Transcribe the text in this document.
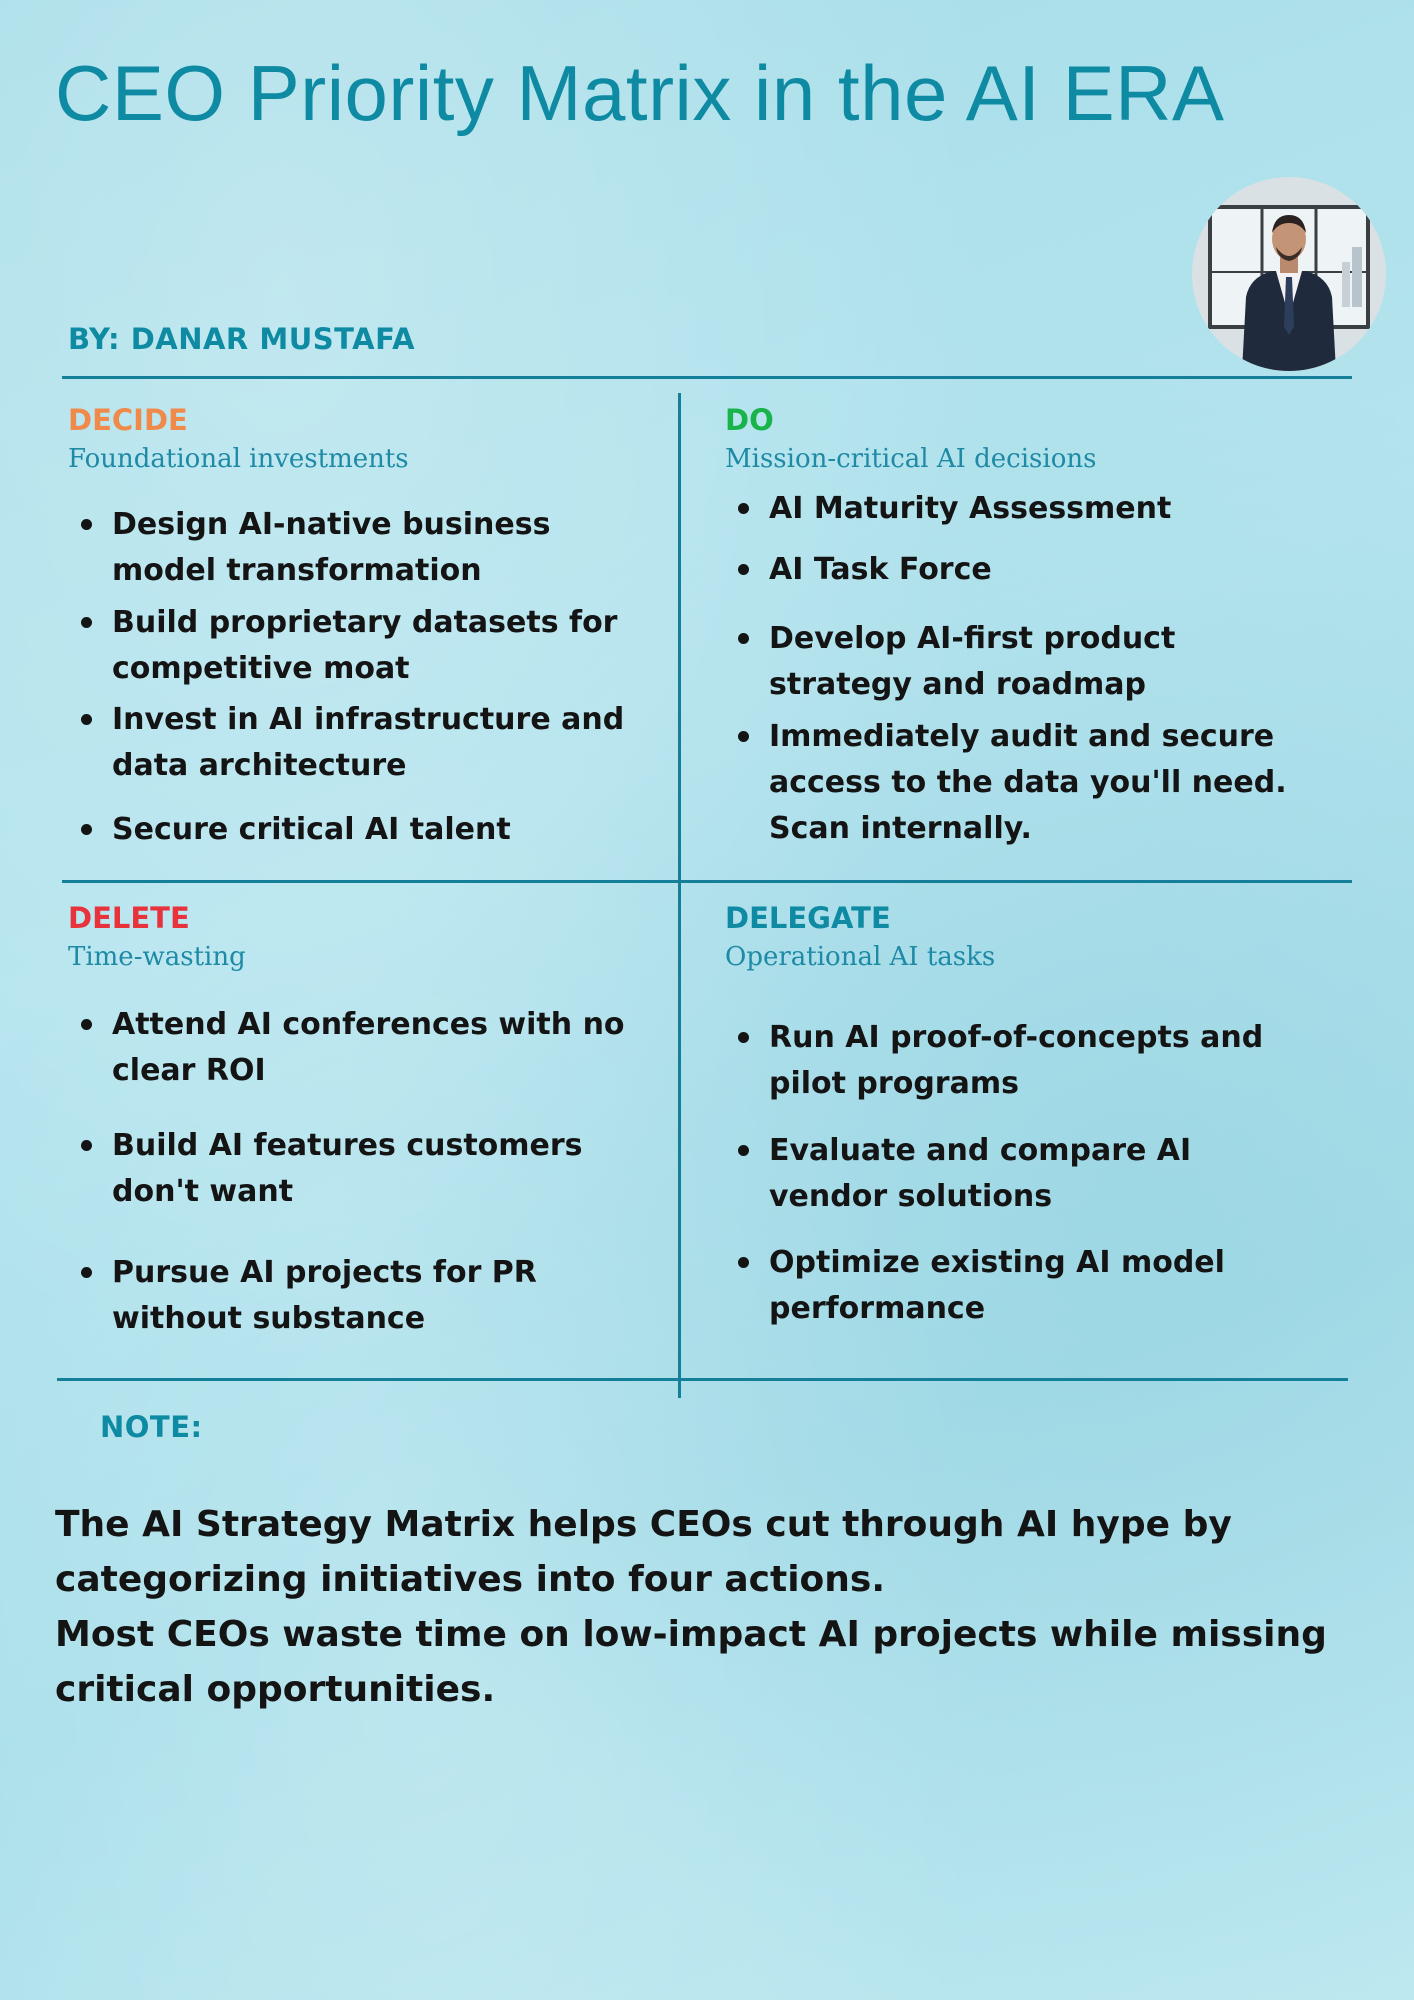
CEO Priority Matrix in the AI ERA

BY: DANAR MUSTAFA

DECIDE

Foundational investments

Design AI-native business model transformation
Build proprietary datasets for competitive moat
Invest in AI infrastructure and data architecture
Secure critical AI talent

DO

Mission-critical AI decisions

AI Maturity Assessment
AI Task Force
Develop AI-first product strategy and roadmap
Immediately audit and secure access to the data you'll need. Scan internally.

DELETE

Time-wasting

Attend AI conferences with no clear ROI
Build AI features customers don't want
Pursue AI projects for PR without substance

DELEGATE

Operational AI tasks

Run AI proof-of-concepts and pilot programs
Evaluate and compare AI vendor solutions
Optimize existing AI model performance

NOTE:

The AI Strategy Matrix helps CEOs cut through AI hype by categorizing initiatives into four actions.
Most CEOs waste time on low-impact AI projects while missing critical opportunities.
